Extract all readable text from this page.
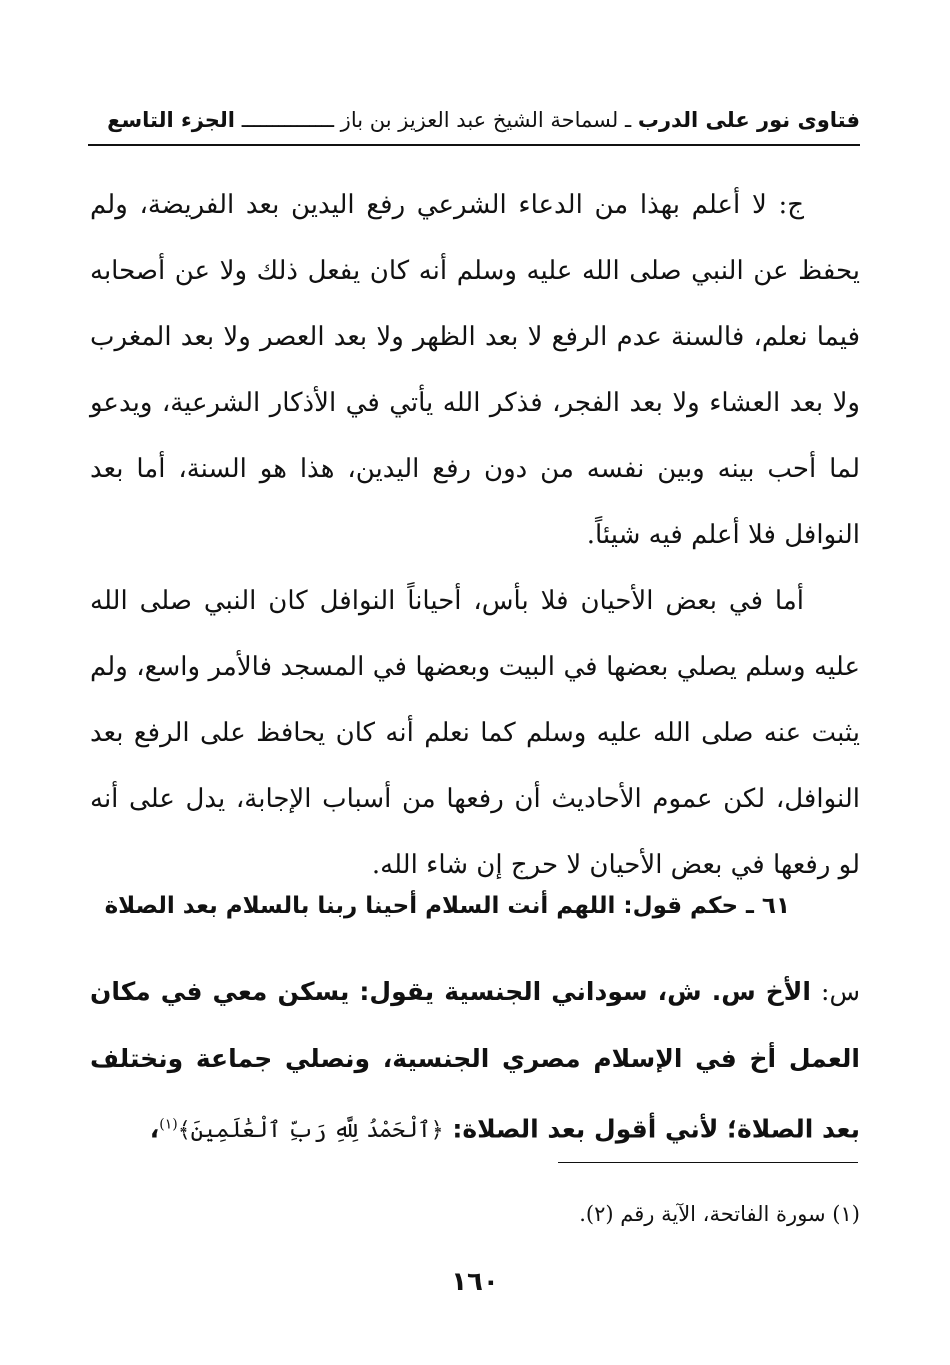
فتاوى نور على الدرب ـ لسماحة الشيخ عبد العزيز بن باز ـــــــــــــــ الجزء التاسع

ج: لا أعلم بهذا من الدعاء الشرعي رفع اليدين بعد الفريضة، ولم يحفظ عن النبي صلى الله عليه وسلم أنه كان يفعل ذلك ولا عن أصحابه فيما نعلم، فالسنة عدم الرفع لا بعد الظهر ولا بعد العصر ولا بعد المغرب ولا بعد العشاء ولا بعد الفجر، فذكر الله يأتي في الأذكار الشرعية، ويدعو لما أحب بينه وبين نفسه من دون رفع اليدين، هذا هو السنة، أما بعد النوافل فلا أعلم فيه شيئاً.

أما في بعض الأحيان فلا بأس، أحياناً النوافل كان النبي صلى الله عليه وسلم يصلي بعضها في البيت وبعضها في المسجد فالأمر واسع، ولم يثبت عنه صلى الله عليه وسلم كما نعلم أنه كان يحافظ على الرفع بعد النوافل، لكن عموم الأحاديث أن رفعها من أسباب الإجابة، يدل على أنه لو رفعها في بعض الأحيان لا حرج إن شاء الله.

٦١ ـ حكم قول: اللهم أنت السلام أحينا ربنا بالسلام بعد الصلاة
س: الأخ س. ش، سوداني الجنسية يقول: يسكن معي في مكان العمل أخ في الإسلام مصري الجنسية، ونصلي جماعة ونختلف بعد الصلاة؛ لأني أقول بعد الصلاة: ﴿ٱلْحَمْدُ لِلَّهِ رَبِّ ٱلْعَٰلَمِينَ﴾$^{(١)}$،
(١) سورة الفاتحة، الآية رقم (٢).
١٦٠
